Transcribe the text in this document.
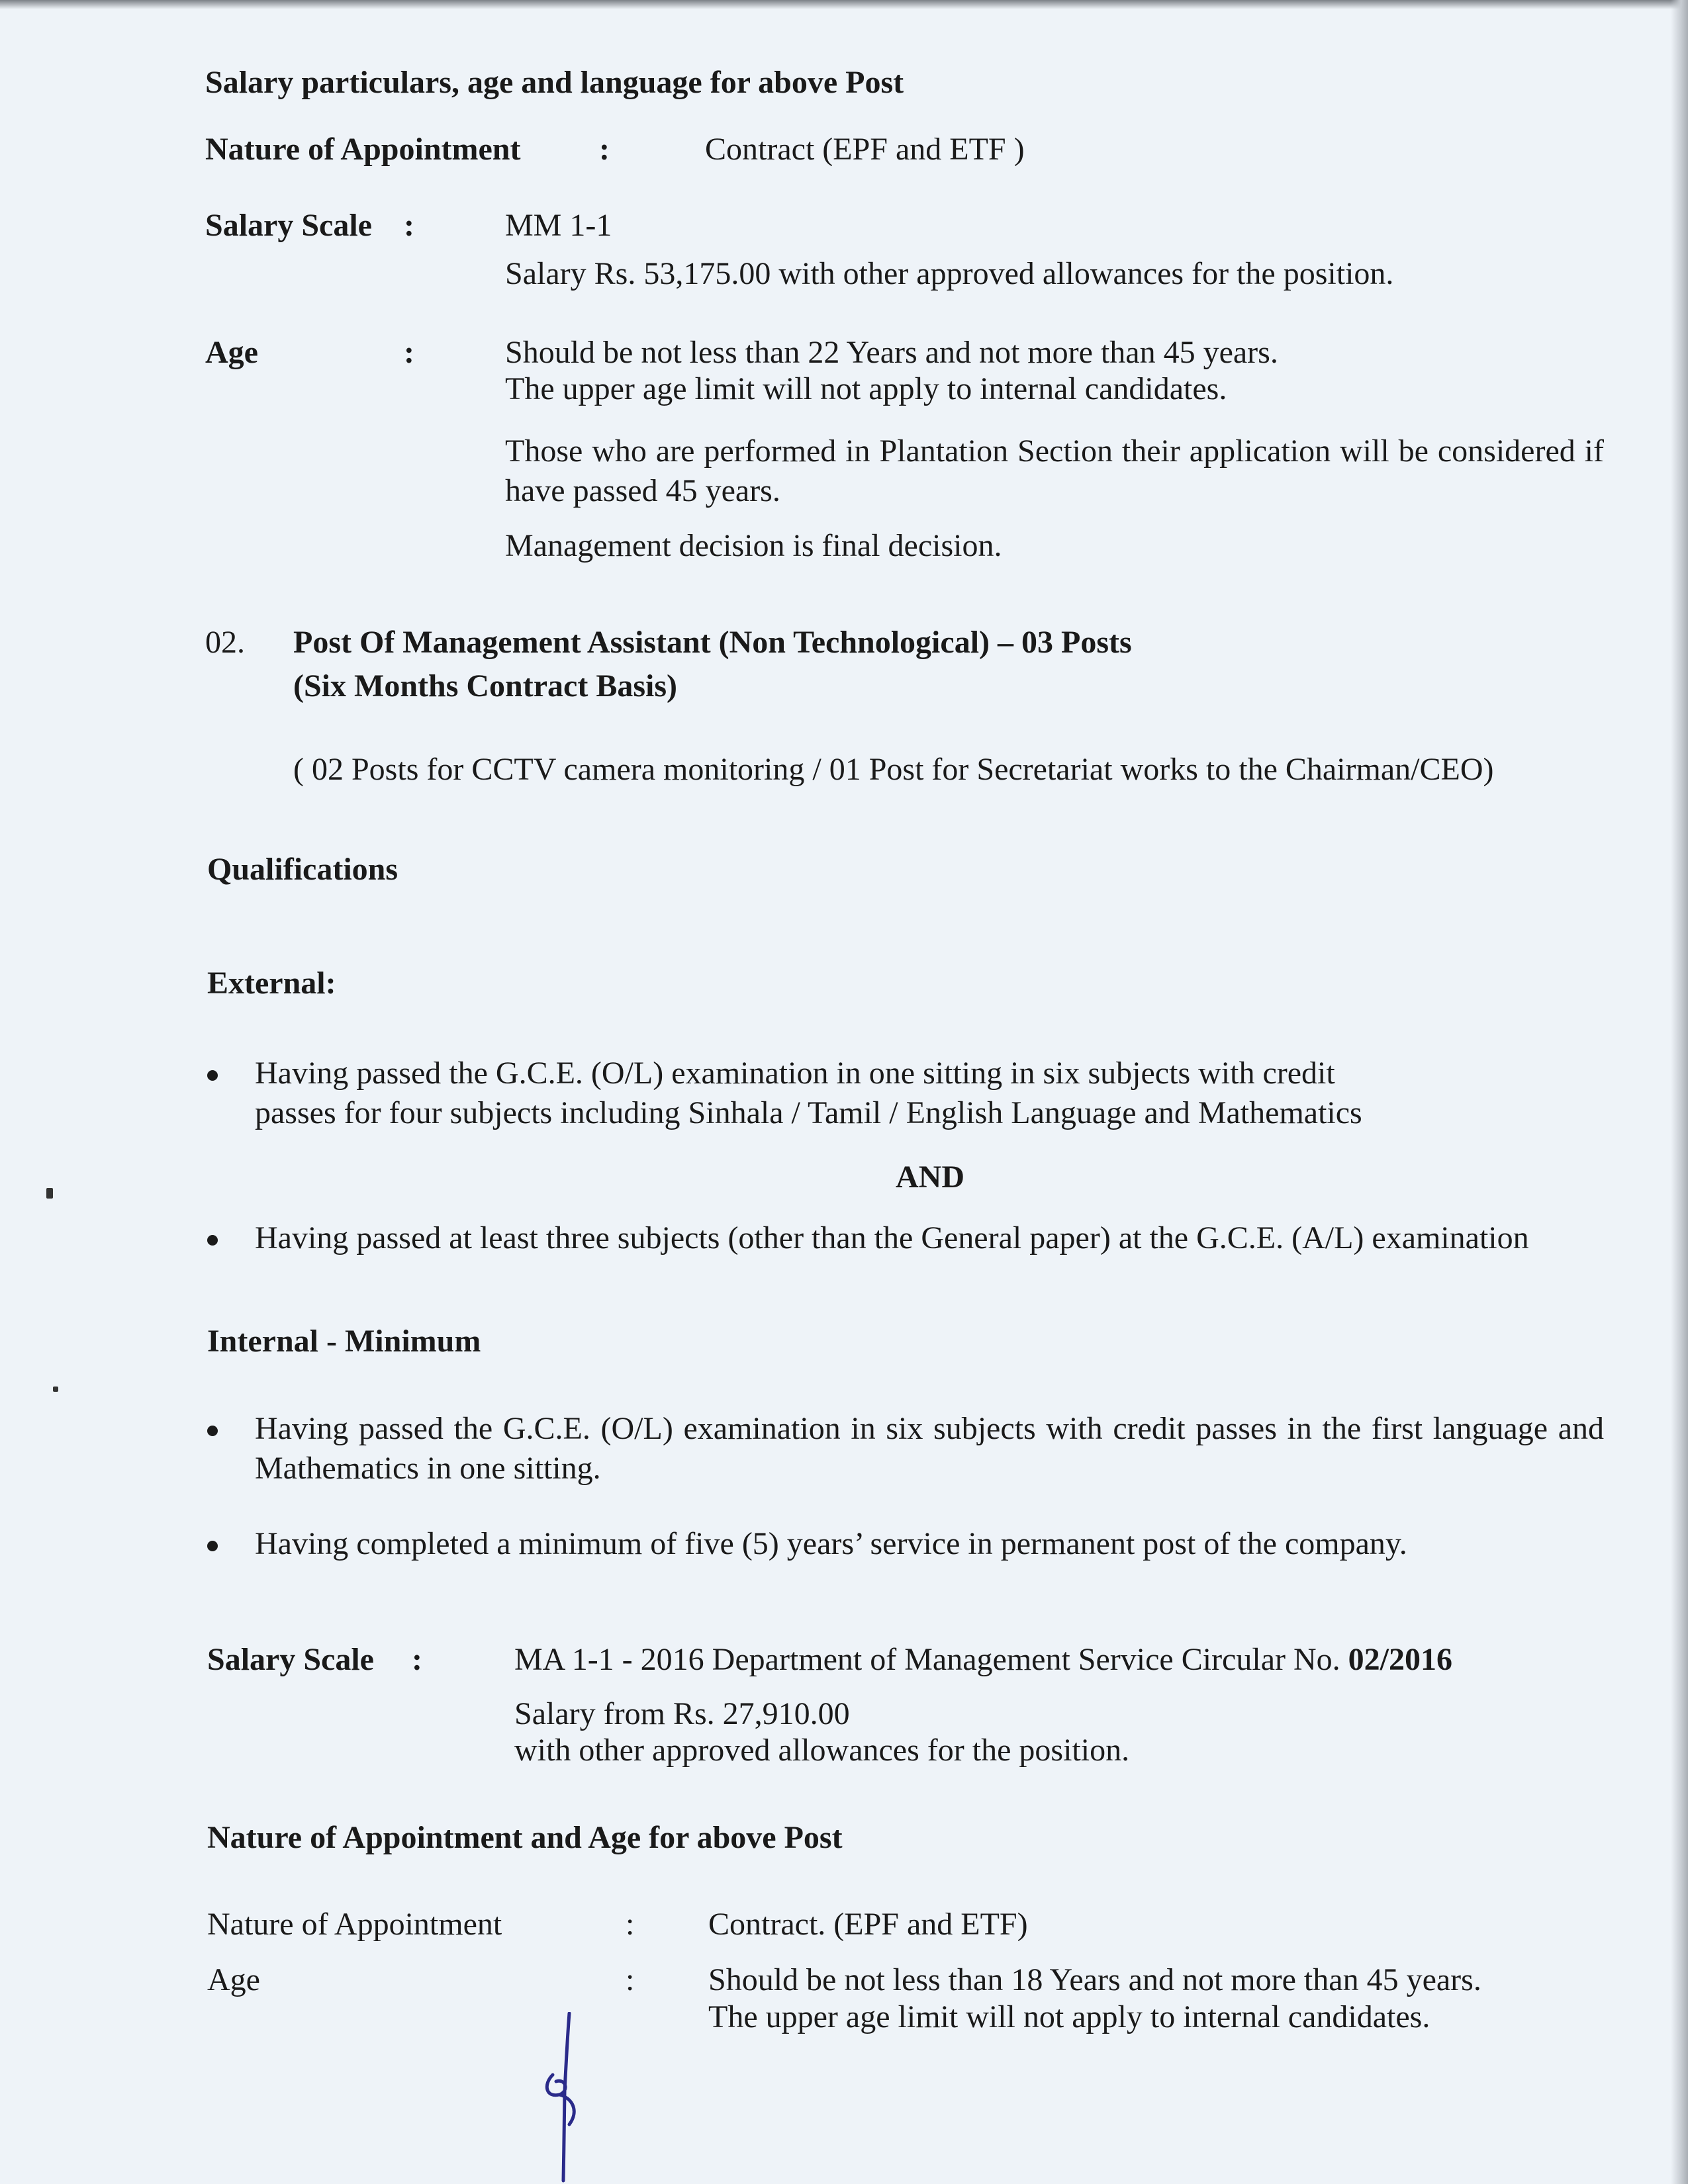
Salary particulars, age and language for above Post
Nature of Appointment :	Contract (EPF and ETF )
Salary Scale :	MM 1-1
Salary Rs. 53,175.00 with other approved allowances for the position.
Age	:	Should be not less than 22 Years and not more than 45 years.
The upper age limit will not apply to internal candidates.
Those who are performed in Plantation Section their application will be considered if have passed 45 years.
Management decision is final decision.
02. Post Of Management Assistant (Non Technological) – 03 Posts
(Six Months Contract Basis)
( 02 Posts for CCTV camera monitoring / 01 Post for Secretariat works to the Chairman/CEO)
Qualifications
External:
Having passed the G.C.E. (O/L) examination in one sitting in six subjects with credit passes for four subjects including Sinhala / Tamil / English Language and Mathematics
AND
Having passed at least three subjects (other than the General paper) at the G.C.E. (A/L) examination
Internal - Minimum
Having passed the G.C.E. (O/L) examination in six subjects with credit passes in the first language and Mathematics in one sitting.
Having completed a minimum of five (5) years’ service in permanent post of the company.
Salary Scale :	MA 1-1 - 2016 Department of Management Service Circular No. 02/2016
Salary from Rs. 27,910.00
with other approved allowances for the position.
Nature of Appointment and Age for above Post
Nature of Appointment	: Contract. (EPF and ETF)
Age	: Should be not less than 18 Years and not more than 45 years.
The upper age limit will not apply to internal candidates.
